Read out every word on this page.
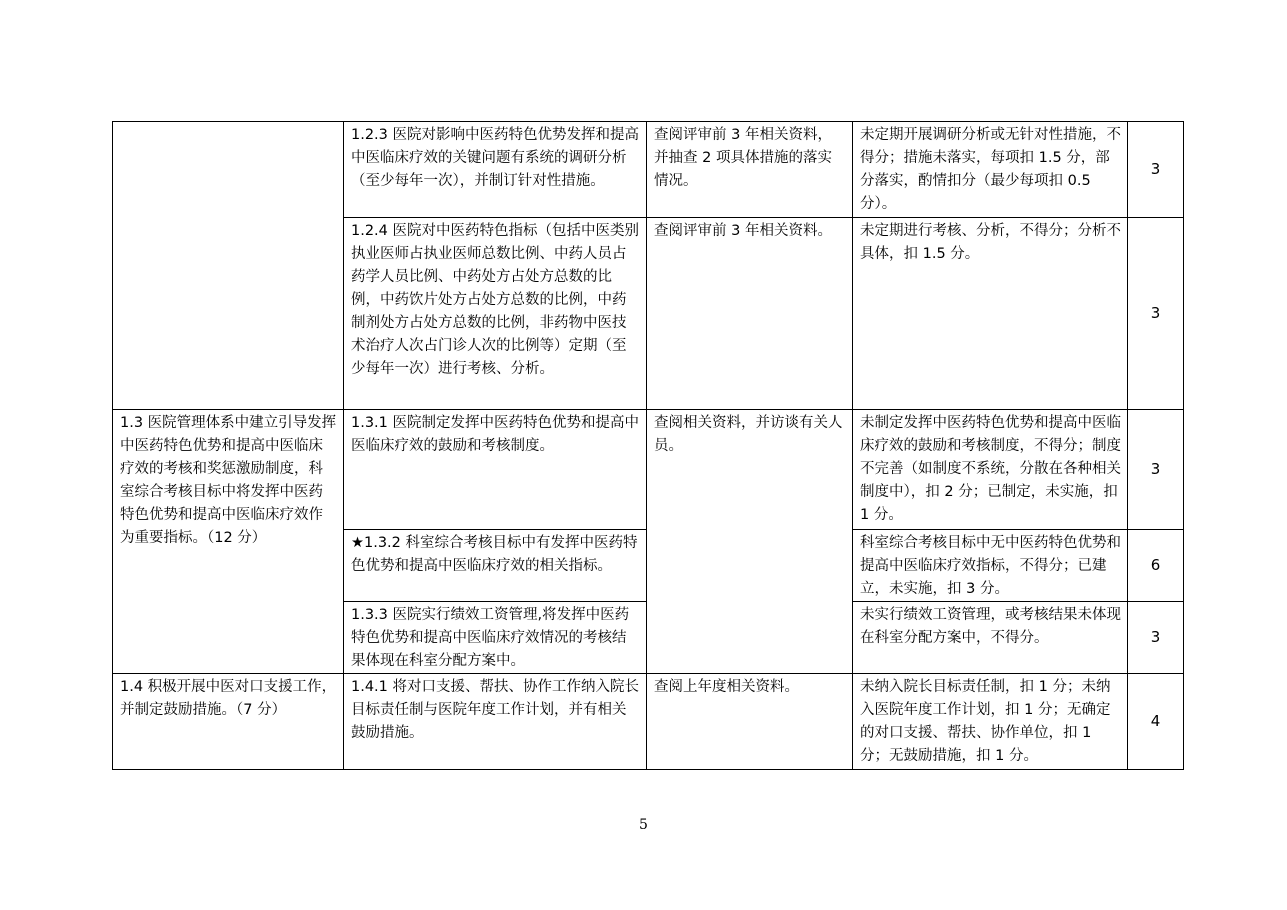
	1.2.3 医院对影响中医药特色优势发挥和提高中医临床疗效的关键问题有系统的调研分析（至少每年一次），并制订针对性措施。	查阅评审前 3 年相关资料，并抽查 2 项具体措施的落实情况。	未定期开展调研分析或无针对性措施，不得分；措施未落实，每项扣 1.5 分，部分落实，酌情扣分（最少每项扣 0.5 分）。	3
	1.2.4 医院对中医药特色指标（包括中医类别执业医师占执业医师总数比例、中药人员占药学人员比例、中药处方占处方总数的比例，中药饮片处方占处方总数的比例，中药制剂处方占处方总数的比例，非药物中医技术治疗人次占门诊人次的比例等）定期（至少每年一次）进行考核、分析。	查阅评审前 3 年相关资料。	未定期进行考核、分析，不得分；分析不具体，扣 1.5 分。	3
1.3 医院管理体系中建立引导发挥中医药特色优势和提高中医临床疗效的考核和奖惩激励制度，科室综合考核目标中将发挥中医药特色优势和提高中医临床疗效作为重要指标。（12 分）	1.3.1 医院制定发挥中医药特色优势和提高中医临床疗效的鼓励和考核制度。	查阅相关资料，并访谈有关人员。	未制定发挥中医药特色优势和提高中医临床疗效的鼓励和考核制度，不得分；制度不完善（如制度不系统，分散在各种相关制度中），扣 2 分；已制定，未实施，扣 1 分。	3
	★1.3.2 科室综合考核目标中有发挥中医药特色优势和提高中医临床疗效的相关指标。		科室综合考核目标中无中医药特色优势和提高中医临床疗效指标，不得分；已建立，未实施，扣 3 分。	6
	1.3.3 医院实行绩效工资管理,将发挥中医药特色优势和提高中医临床疗效情况的考核结果体现在科室分配方案中。		未实行绩效工资管理，或考核结果未体现在科室分配方案中，不得分。	3
1.4 积极开展中医对口支援工作，并制定鼓励措施。（7 分）	1.4.1 将对口支援、帮扶、协作工作纳入院长目标责任制与医院年度工作计划，并有相关鼓励措施。	查阅上年度相关资料。	未纳入院长目标责任制，扣 1 分；未纳入医院年度工作计划，扣 1 分；无确定的对口支援、帮扶、协作单位，扣 1 分；无鼓励措施，扣 1 分。	4
5
